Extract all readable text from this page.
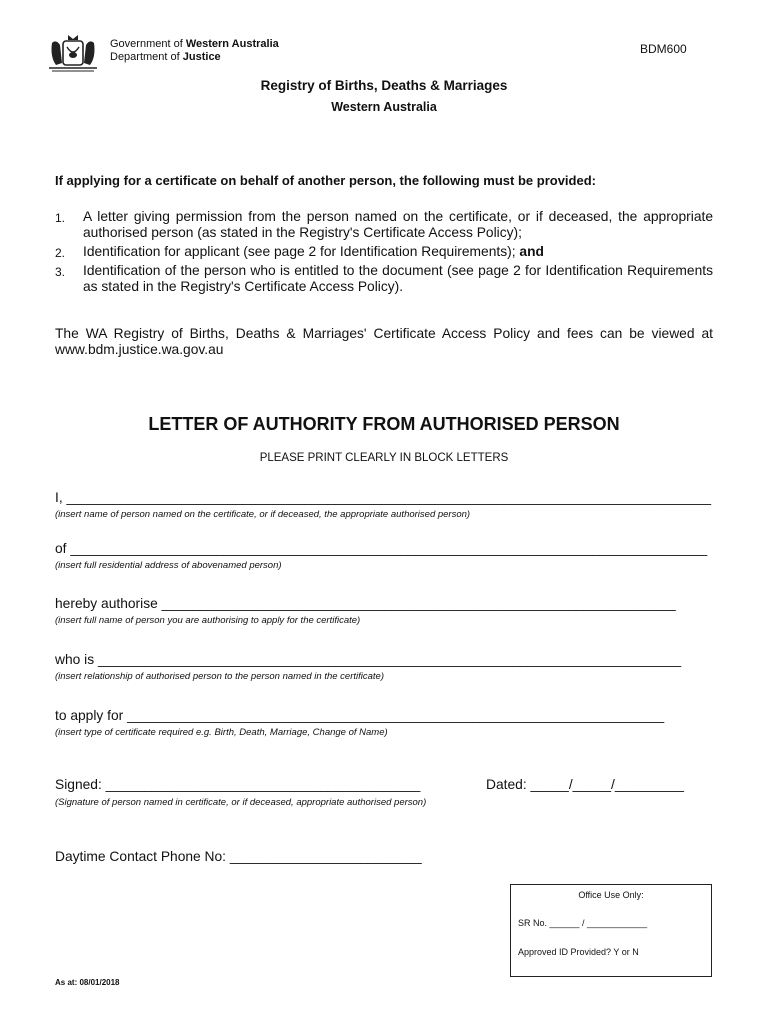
Government of Western Australia
Department of Justice
BDM600
Registry of Births, Deaths & Marriages
Western Australia
If applying for a certificate on behalf of another person, the following must be provided:
1. A letter giving permission from the person named on the certificate, or if deceased, the appropriate authorised person (as stated in the Registry's Certificate Access Policy);
2. Identification for applicant (see page 2 for Identification Requirements); and
3. Identification of the person who is entitled to the document (see page 2 for Identification Requirements as stated in the Registry's Certificate Access Policy).
The WA Registry of Births, Deaths & Marriages' Certificate Access Policy and fees can be viewed at www.bdm.justice.wa.gov.au
LETTER OF AUTHORITY FROM AUTHORISED PERSON
PLEASE PRINT CLEARLY IN BLOCK LETTERS
I, ____________________________________________________________________________________
(insert name of person named on the certificate, or if deceased, the appropriate authorised person)
of ___________________________________________________________________________________
(insert full residential address of abovenamed person)
hereby authorise ___________________________________________________________________
(insert full name of person you are authorising to apply for the certificate)
who is ____________________________________________________________________________
(insert relationship of authorised person to the person named in the certificate)
to apply for ______________________________________________________________________
(insert type of certificate required e.g. Birth, Death, Marriage, Change of Name)
Signed: _________________________________________	Dated: _____/_____/_________
(Signature of person named in certificate, or if deceased, appropriate authorised person)
Daytime Contact Phone No: _________________________
Office Use Only:
SR No. ______ / ____________
Approved ID Provided? Y or N
As at: 08/01/2018
